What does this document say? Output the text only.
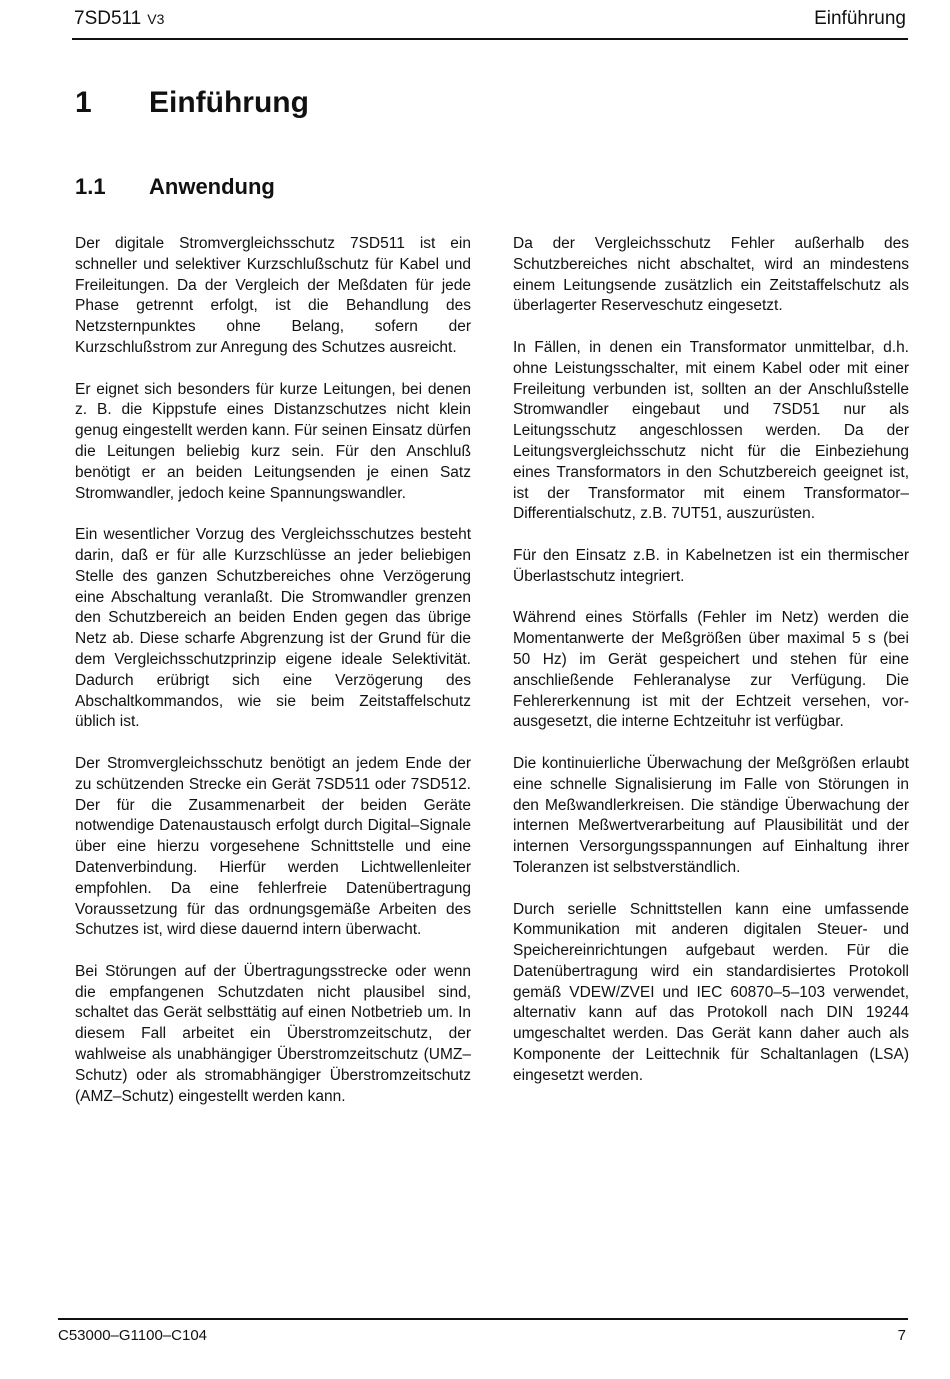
7SD511 V3	Einführung
1 Einführung
1.1 Anwendung

Der digitale Stromvergleichsschutz 7SD511 ist ein schneller und selektiver Kurzschlußschutz für Kabel und Freileitungen. Da der Vergleich der Meßdaten für jede Phase getrennt erfolgt, ist die Behandlung des Netzsternpunktes ohne Belang, sofern der Kurzschlußstrom zur Anregung des Schutzes ausreicht.

Er eignet sich besonders für kurze Leitungen, bei denen z. B. die Kippstufe eines Distanzschutzes nicht klein genug eingestellt werden kann. Für seinen Einsatz dürfen die Leitungen beliebig kurz sein. Für den Anschluß benötigt er an beiden Leitungsenden je einen Satz Stromwandler, jedoch keine Spannungswandler.

Ein wesentlicher Vorzug des Vergleichsschutzes besteht darin, daß er für alle Kurzschlüsse an jeder beliebigen Stelle des ganzen Schutzbereiches ohne Verzögerung eine Abschaltung veranlaßt. Die Stromwandler grenzen den Schutzbereich an beiden Enden gegen das übrige Netz ab. Diese scharfe Abgrenzung ist der Grund für die dem Vergleichsschutzprinzip eigene ideale Selektivität. Dadurch erübrigt sich eine Verzögerung des Abschaltkommandos, wie sie beim Zeitstaffelschutz üblich ist.

Der Stromvergleichsschutz benötigt an jedem Ende der zu schützenden Strecke ein Gerät 7SD511 oder 7SD512. Der für die Zusammenarbeit der beiden Geräte notwendige Datenaustausch erfolgt durch Digital–Signale über eine hierzu vorgesehene Schnittstelle und eine Datenverbindung. Hierfür werden Lichtwellenleiter empfohlen. Da eine fehlerfreie Datenübertragung Voraussetzung für das ordnungsgemäße Arbeiten des Schutzes ist, wird diese dauernd intern überwacht.

Bei Störungen auf der Übertragungsstrecke oder wenn die empfangenen Schutzdaten nicht plausibel sind, schaltet das Gerät selbsttätig auf einen Notbetrieb um. In diesem Fall arbeitet ein Überstromzeitschutz, der wahlweise als unabhängiger Überstromzeitschutz (UMZ–Schutz) oder als stromabhängiger Überstromzeitschutz (AMZ–Schutz) eingestellt werden kann.

Da der Vergleichsschutz Fehler außerhalb des Schutzbereiches nicht abschaltet, wird an mindestens einem Leitungsende zusätzlich ein Zeitstaffelschutz als überlagerter Reserveschutz eingesetzt.

In Fällen, in denen ein Transformator unmittelbar, d.h. ohne Leistungsschalter, mit einem Kabel oder mit einer Freileitung verbunden ist, sollten an der Anschlußstelle Stromwandler eingebaut und 7SD51 nur als Leitungsschutz angeschlossen werden. Da der Leitungsvergleichsschutz nicht für die Einbeziehung eines Transformators in den Schutzbereich geeignet ist, ist der Transformator mit einem Transformator–Differentialschutz, z.B. 7UT51, auszurüsten.

Für den Einsatz z.B. in Kabelnetzen ist ein thermischer Überlastschutz integriert.

Während eines Störfalls (Fehler im Netz) werden die Momentanwerte der Meßgrößen über maximal 5 s (bei 50 Hz) im Gerät gespeichert und stehen für eine anschließende Fehleranalyse zur Verfügung. Die Fehlererkennung ist mit der Echtzeit versehen, vorausgesetzt, die interne Echtzeituhr ist verfügbar.

Die kontinuierliche Überwachung der Meßgrößen erlaubt eine schnelle Signalisierung im Falle von Störungen in den Meßwandlerkreisen. Die ständige Überwachung der internen Meßwertverarbeitung auf Plausibilität und der internen Versorgungsspannungen auf Einhaltung ihrer Toleranzen ist selbstverständlich.

Durch serielle Schnittstellen kann eine umfassende Kommunikation mit anderen digitalen Steuer- und Speichereinrichtungen aufgebaut werden. Für die Datenübertragung wird ein standardisiertes Protokoll gemäß VDEW/ZVEI und IEC 60870–5–103 verwendet, alternativ kann auf das Protokoll nach DIN 19244 umgeschaltet werden. Das Gerät kann daher auch als Komponente der Leittechnik für Schaltanlagen (LSA) eingesetzt werden.

C53000–G1100–C104	7
